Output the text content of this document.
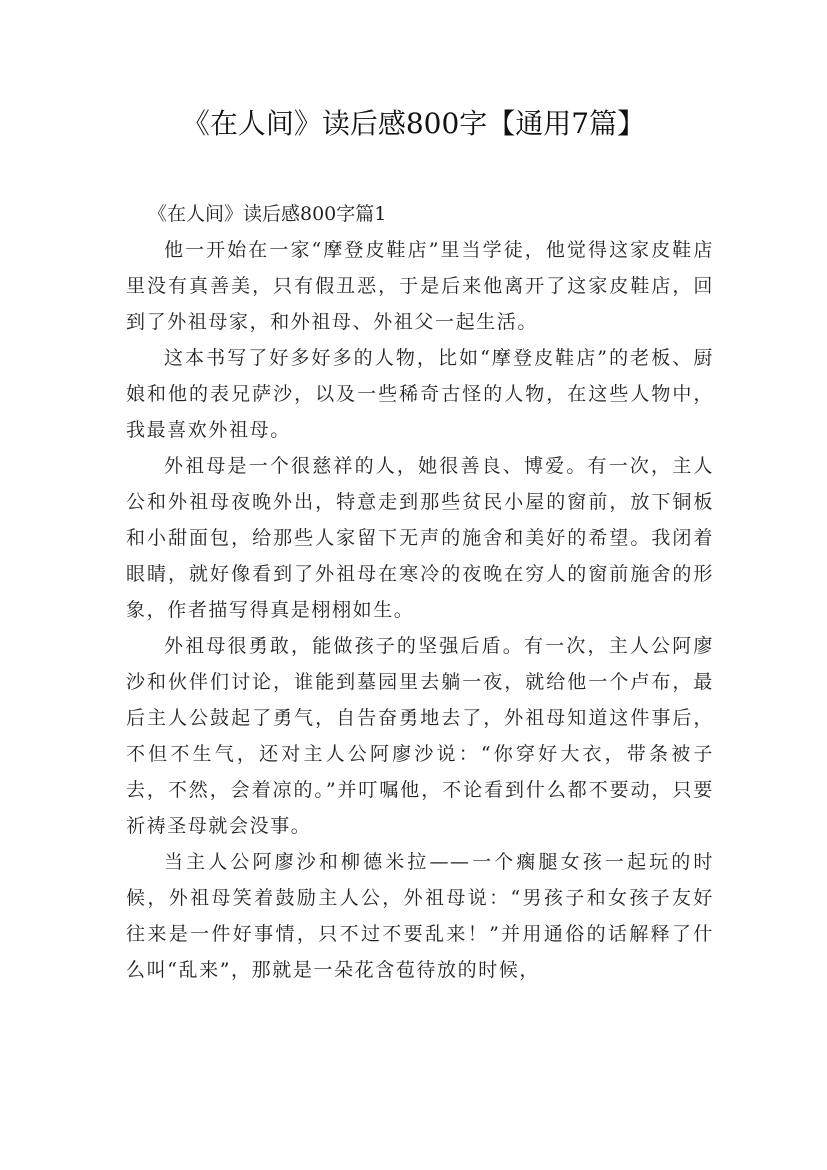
《在人间》读后感800字【通用7篇】

《在人间》读后感800字篇1

他一开始在一家“摩登皮鞋店”里当学徒，他觉得这家皮鞋店里没有真善美，只有假丑恶，于是后来他离开了这家皮鞋店，回到了外祖母家，和外祖母、外祖父一起生活。

这本书写了好多好多的人物，比如“摩登皮鞋店”的老板、厨娘和他的表兄萨沙，以及一些稀奇古怪的人物，在这些人物中，我最喜欢外祖母。

外祖母是一个很慈祥的人，她很善良、博爱。有一次，主人公和外祖母夜晚外出，特意走到那些贫民小屋的窗前，放下铜板和小甜面包，给那些人家留下无声的施舍和美好的希望。我闭着眼睛，就好像看到了外祖母在寒冷的夜晚在穷人的窗前施舍的形象，作者描写得真是栩栩如生。

外祖母很勇敢，能做孩子的坚强后盾。有一次，主人公阿廖沙和伙伴们讨论，谁能到墓园里去躺一夜，就给他一个卢布，最后主人公鼓起了勇气，自告奋勇地去了，外祖母知道这件事后，不但不生气，还对主人公阿廖沙说：“你穿好大衣，带条被子去，不然，会着凉的。”并叮嘱他，不论看到什么都不要动，只要祈祷圣母就会没事。

当主人公阿廖沙和柳德米拉——一个瘸腿女孩一起玩的时候，外祖母笑着鼓励主人公，外祖母说：“男孩子和女孩子友好往来是一件好事情，只不过不要乱来！”并用通俗的话解释了什么叫“乱来”，那就是一朵花含苞待放的时候，
